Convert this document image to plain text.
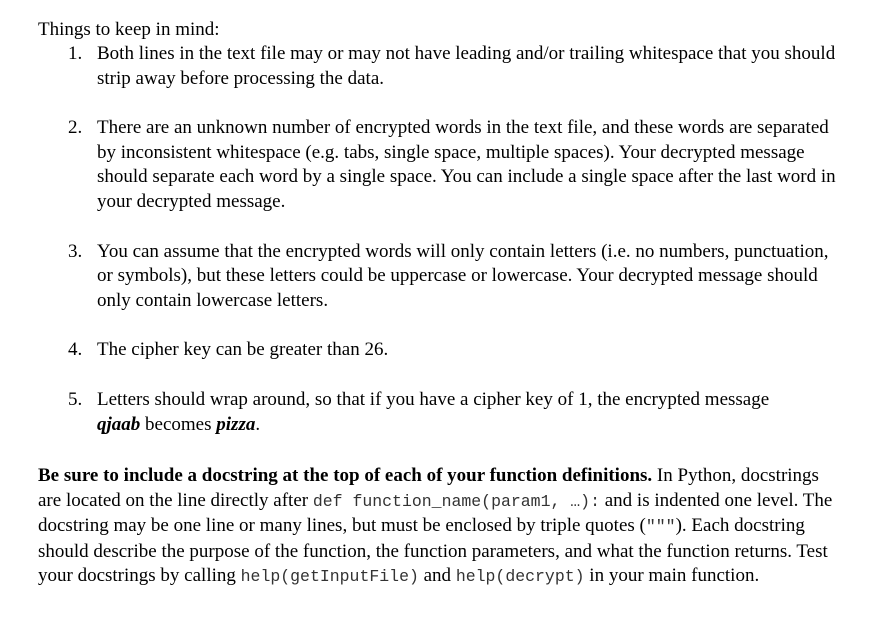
Things to keep in mind:

1. Both lines in the text file may or may not have leading and/or trailing whitespace that you should strip away before processing the data.

2. There are an unknown number of encrypted words in the text file, and these words are separated by inconsistent whitespace (e.g. tabs, single space, multiple spaces). Your decrypted message should separate each word by a single space. You can include a single space after the last word in your decrypted message.

3. You can assume that the encrypted words will only contain letters (i.e. no numbers, punctuation, or symbols), but these letters could be uppercase or lowercase. Your decrypted message should only contain lowercase letters.

4. The cipher key can be greater than 26.

5. Letters should wrap around, so that if you have a cipher key of 1, the encrypted message
qjaab becomes pizza.

Be sure to include a docstring at the top of each of your function definitions. In Python, docstrings are located on the line directly after def function_name(param1, …): and is indented one level. The docstring may be one line or many lines, but must be enclosed by triple quotes ("""). Each docstring should describe the purpose of the function, the function parameters, and what the function returns. Test your docstrings by calling help(getInputFile) and help(decrypt) in your main function.
